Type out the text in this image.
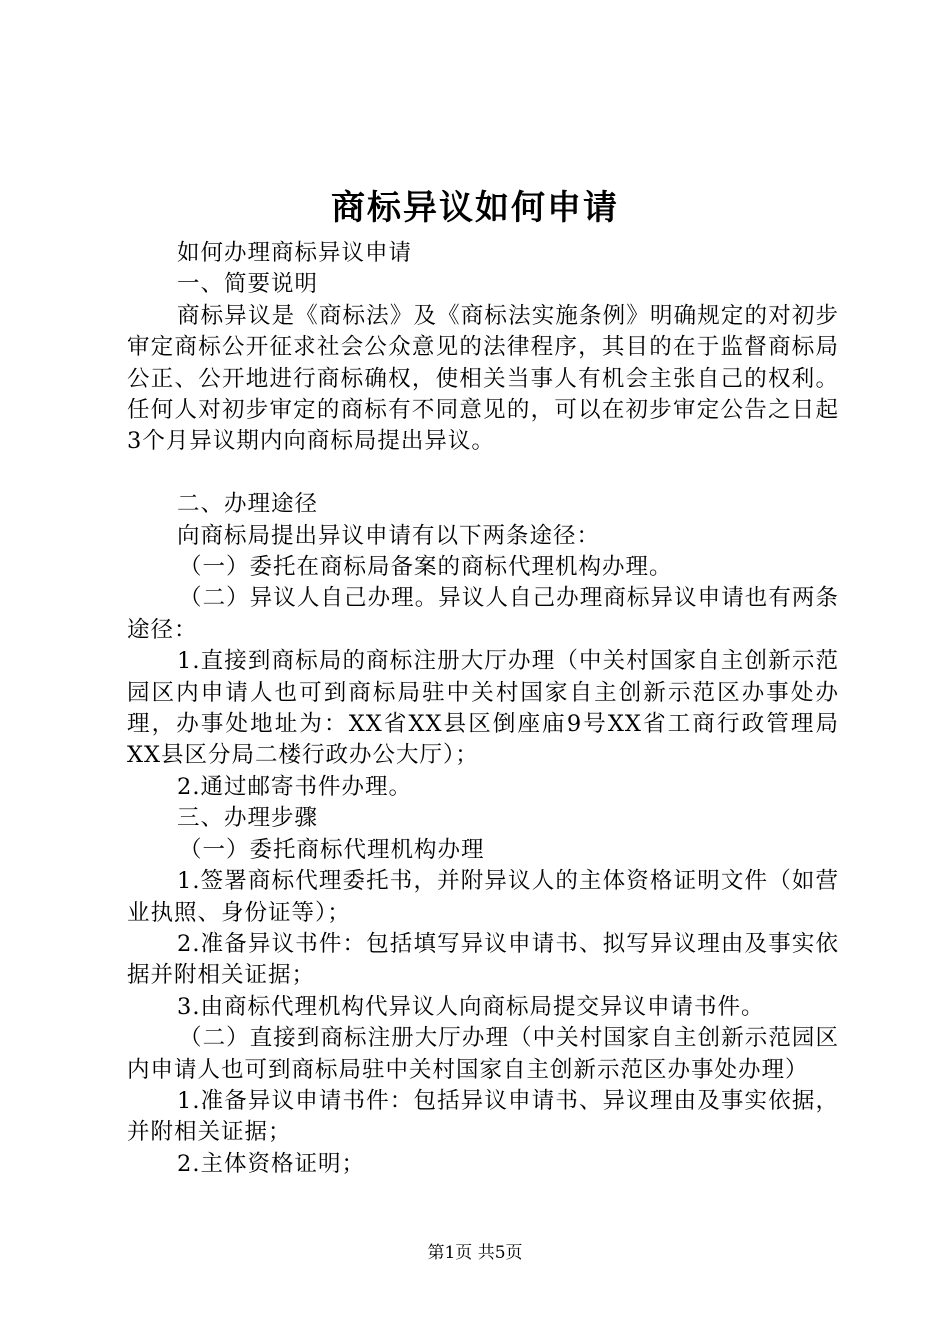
商标异议如何申请

如何办理商标异议申请

一、简要说明

商标异议是《商标法》及《商标法实施条例》明确规定的对初步审定商标公开征求社会公众意见的法律程序，其目的在于监督商标局公正、公开地进行商标确权，使相关当事人有机会主张自己的权利。任何人对初步审定的商标有不同意见的，可以在初步审定公告之日起3个月异议期内向商标局提出异议。

二、办理途径

向商标局提出异议申请有以下两条途径：

（一）委托在商标局备案的商标代理机构办理。

（二）异议人自己办理。异议人自己办理商标异议申请也有两条途径：

1.直接到商标局的商标注册大厅办理（中关村国家自主创新示范园区内申请人也可到商标局驻中关村国家自主创新示范区办事处办理，办事处地址为：XX省XX县区倒座庙9号XX省工商行政管理局XX县区分局二楼行政办公大厅）；

2.通过邮寄书件办理。

三、办理步骤

（一）委托商标代理机构办理

1.签署商标代理委托书，并附异议人的主体资格证明文件（如营业执照、身份证等）；

2.准备异议书件：包括填写异议申请书、拟写异议理由及事实依据并附相关证据；

3.由商标代理机构代异议人向商标局提交异议申请书件。

（二）直接到商标注册大厅办理（中关村国家自主创新示范园区内申请人也可到商标局驻中关村国家自主创新示范区办事处办理）

1.准备异议申请书件：包括异议申请书、异议理由及事实依据，并附相关证据；

2.主体资格证明；

第1页 共5页
